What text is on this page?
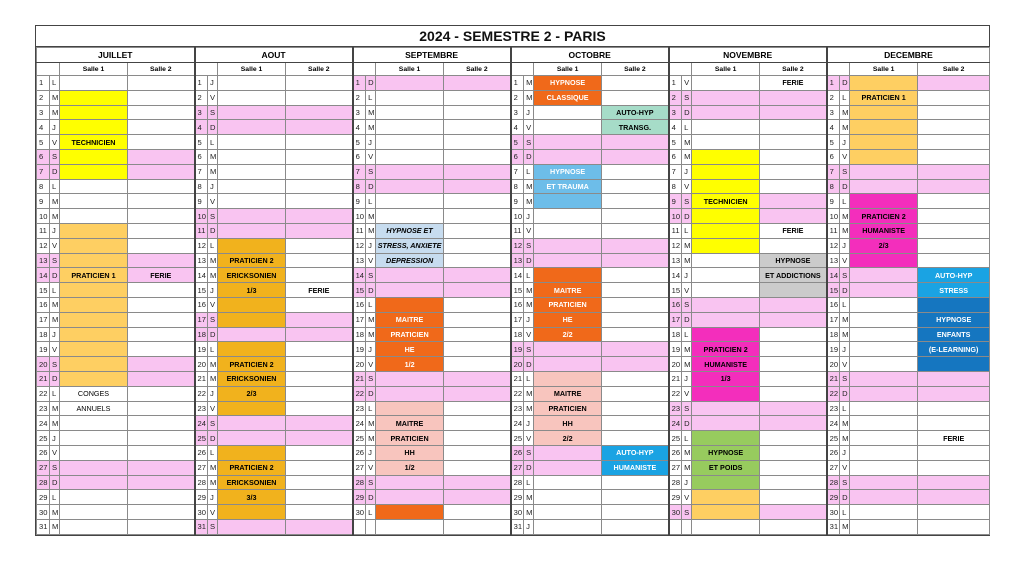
2024 - SEMESTRE 2 - PARIS
JUILLET				AOUT				SEPTEMBRE				OCTOBRE				NOVEMBRE				DECEMBRE			
		Salle 1	Salle 2			Salle 1	Salle 2			Salle 1	Salle 2			Salle 1	Salle 2			Salle 1	Salle 2			Salle 1	Salle 2
1	L			1	J			1	D			1	M	HYPNOSE		1	V		FERIE	1	D		
2	M			2	V			2	L			2	M	CLASSIQUE		2	S			2	L	PRATICIEN 1	
3	M			3	S			3	M			3	J		AUTO-HYP	3	D			3	M		
4	J			4	D			4	M			4	V		TRANSG.	4	L			4	M		
5	V	TECHNICIEN		5	L			5	J			5	S			5	M			5	J		
6	S			6	M			6	V			6	D			6	M			6	V		
7	D			7	M			7	S			7	L	HYPNOSE		7	J			7	S		
8	L			8	J			8	D			8	M	ET TRAUMA		8	V			8	D		
9	M			9	V			9	L			9	M			9	S	TECHNICIEN		9	L		
10	M			10	S			10	M			10	J			10	D			10	M	PRATICIEN 2	
11	J			11	D			11	M	HYPNOSE ET		11	V			11	L		FERIE	11	M	HUMANISTE	
12	V			12	L			12	J	STRESS, ANXIETE		12	S			12	M			12	J	2/3	
13	S			13	M	PRATICIEN 2		13	V	DEPRESSION		13	D			13	M		HYPNOSE	13	V		
14	D	PRATICIEN 1	FERIE	14	M	ERICKSONIEN		14	S			14	L			14	J		ET ADDICTIONS	14	S		AUTO-HYP
15	L			15	J	1/3	FERIE	15	D			15	M	MAITRE		15	V			15	D		STRESS
16	M			16	V			16	L			16	M	PRATICIEN		16	S			16	L		
17	M			17	S			17	M	MAITRE		17	J	HE		17	D			17	M		HYPNOSE
18	J			18	D			18	M	PRATICIEN		18	V	2/2		18	L			18	M		ENFANTS
19	V			19	L			19	J	HE		19	S			19	M	PRATICIEN 2		19	J		(E-LEARNING)
20	S			20	M	PRATICIEN 2		20	V	1/2		20	D			20	M	HUMANISTE		20	V		
21	D			21	M	ERICKSONIEN		21	S			21	L			21	J	1/3		21	S		
22	L	CONGES		22	J	2/3		22	D			22	M	MAITRE		22	V			22	D		
23	M	ANNUELS		23	V			23	L			23	M	PRATICIEN		23	S			23	L		
24	M			24	S			24	M	MAITRE		24	J	HH		24	D			24	M		
25	J			25	D			25	M	PRATICIEN		25	V	2/2		25	L			25	M		FERIE
26	V			26	L			26	J	HH		26	S		AUTO-HYP	26	M	HYPNOSE		26	J		
27	S			27	M	PRATICIEN 2		27	V	1/2		27	D		HUMANISTE	27	M	ET POIDS		27	V		
28	D			28	M	ERICKSONIEN		28	S			28	L			28	J			28	S		
29	L			29	J	3/3		29	D			29	M			29	V			29	D		
30	M			30	V			30	L			30	M			30	S			30	L		
31	M			31	S							31	J							31	M		
